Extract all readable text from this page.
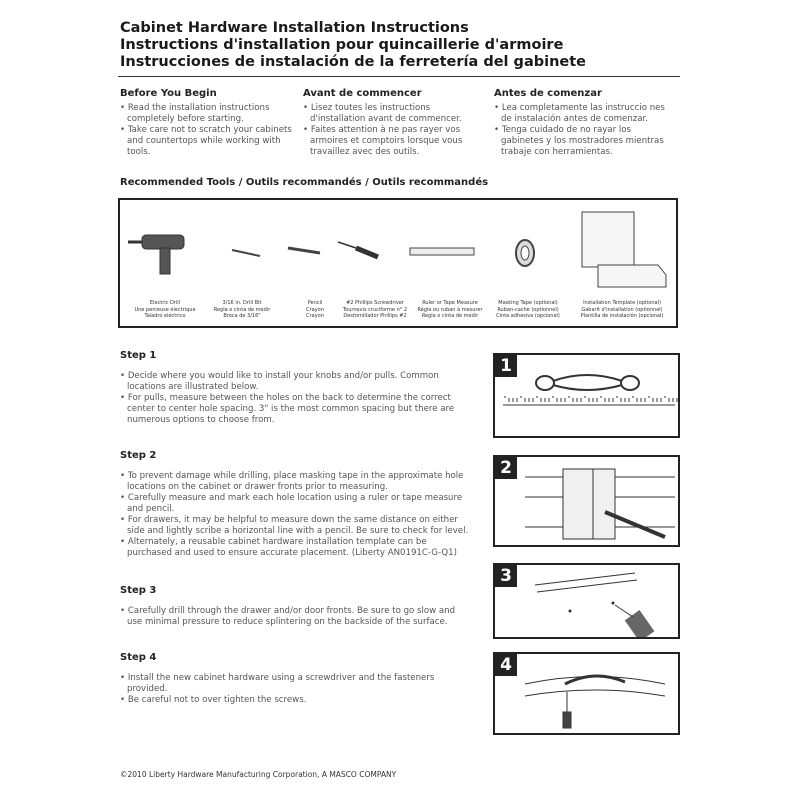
Cabinet Hardware Installation Instructions
Instructions d'installation pour quincaillerie d'armoire
Instrucciones de instalación de la ferretería del gabinete
Before You Begin
• Read the installation instructions completely before starting.
• Take care not to scratch your cabinets and countertops while working with tools.
Avant de commencer
• Lisez toutes les instructions d'installation avant de commencer.
• Faites attention à ne pas rayer vos armoires et comptoirs lorsque vous travaillez avec des outils.
Antes de comenzar
• Lea completamente las instruccio nes de instalación antes de comenzar.
• Tenga cuidado de no rayar los gabinetes y los mostradores mientras trabaje con herramientas.
Recommended Tools / Outils recommandés / Outils recommandés
Electric Drill
Une perceuse électrique
Taladro eléctrico
3/16 in. Drill Bit
Regla o cinta de medir
Broca de 3/16"
Pencil
Crayon
Crayon
#2 Phillips Screwdriver
Tournevis cruciforme n° 2
Destornillador Phillips #2
Ruler or Tape Measure
Règle ou ruban à mesurer
Regla o cinta de medir
Masking Tape (optional)
Ruban-cache (optionnel)
Cinta adhesiva (opcional)
Installation Template (optional)
Gabarit d'installation (optionnel)
Plantilla de instalación (opcional)
Step 1
• Decide where you would like to install your knobs and/or pulls. Common locations are illustrated below.
• For pulls, measure between the holes on the back to determine the correct center to center hole spacing. 3" is the most common spacing but there are numerous options to choose from.
1
Step 2
• To prevent damage while drilling, place masking tape in the approximate hole locations on the cabinet or drawer fronts prior to measuring.
• Carefully measure and mark each hole location using a ruler or tape measure and pencil.
• For drawers, it may be helpful to measure down the same distance on either side and lightly scribe a horizontal line with a pencil. Be sure to check for level.
• Alternately, a reusable cabinet hardware installation template can be purchased and used to ensure accurate placement. (Liberty AN0191C-G-Q1)
2
Step 3
• Carefully drill through the drawer and/or door fronts. Be sure to go slow and use minimal pressure to reduce splintering on the backside of the surface.
3
Step 4
• Install the new cabinet hardware using a screwdriver and the fasteners provided.
• Be careful not to over tighten the screws.
4
©2010 Liberty Hardware Manufacturing Corporation, A MASCO COMPANY
